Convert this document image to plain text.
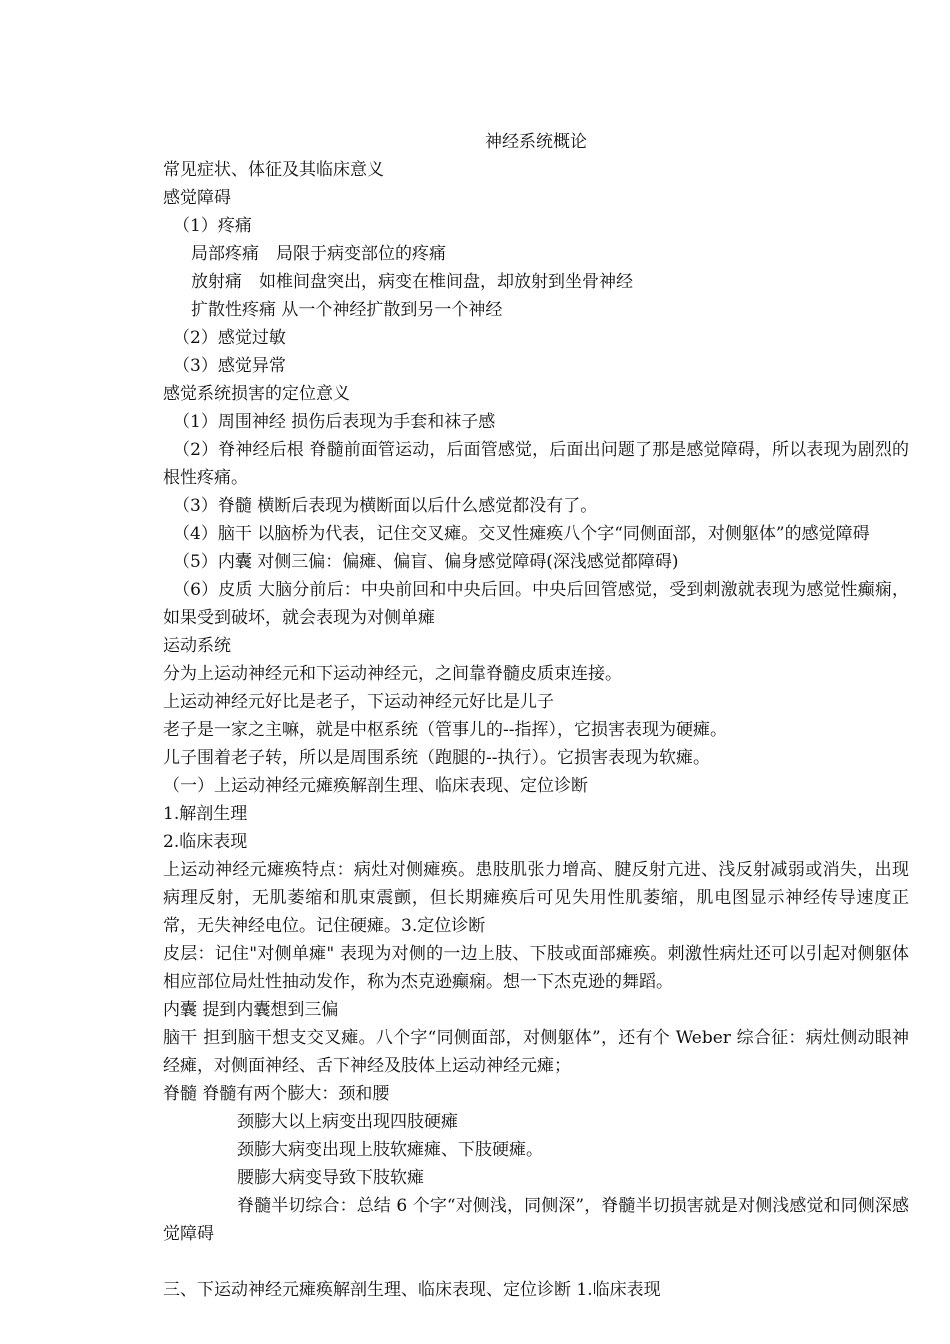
神经系统概论

常见症状、体征及其临床意义

感觉障碍

（1）疼痛

局部疼痛　局限于病变部位的疼痛

放射痛　如椎间盘突出，病变在椎间盘，却放射到坐骨神经

扩散性疼痛 从一个神经扩散到另一个神经

（2）感觉过敏

（3）感觉异常

感觉系统损害的定位意义

（1）周围神经 损伤后表现为手套和袜子感

（2）脊神经后根 脊髓前面管运动，后面管感觉，后面出问题了那是感觉障碍，所以表现为剧烈的根性疼痛。

（3）脊髓 横断后表现为横断面以后什么感觉都没有了。

（4）脑干 以脑桥为代表，记住交叉瘫。交叉性瘫痪八个字“同侧面部，对侧躯体”的感觉障碍

（5）内囊 对侧三偏：偏瘫、偏盲、偏身感觉障碍(深浅感觉都障碍)

（6）皮质 大脑分前后：中央前回和中央后回。中央后回管感觉，受到刺激就表现为感觉性癫痫，如果受到破坏，就会表现为对侧单瘫

运动系统

分为上运动神经元和下运动神经元，之间靠脊髓皮质束连接。

上运动神经元好比是老子，下运动神经元好比是儿子

老子是一家之主嘛，就是中枢系统（管事儿的--指挥），它损害表现为硬瘫。

儿子围着老子转，所以是周围系统（跑腿的--执行）。它损害表现为软瘫。

（一）上运动神经元瘫痪解剖生理、临床表现、定位诊断

1.解剖生理

2.临床表现

上运动神经元瘫痪特点：病灶对侧瘫痪。患肢肌张力增高、腱反射亢进、浅反射减弱或消失，出现病理反射，无肌萎缩和肌束震颤，但长期瘫痪后可见失用性肌萎缩，肌电图显示神经传导速度正常，无失神经电位。记住硬瘫。3.定位诊断

皮层：记住"对侧单瘫" 表现为对侧的一边上肢、下肢或面部瘫痪。刺激性病灶还可以引起对侧躯体相应部位局灶性抽动发作，称为杰克逊癫痫。想一下杰克逊的舞蹈。

内囊 提到内囊想到三偏

脑干 担到脑干想支交叉瘫。八个字“同侧面部，对侧躯体”，还有个 Weber 综合征：病灶侧动眼神经瘫，对侧面神经、舌下神经及肢体上运动神经元瘫；

脊髓 脊髓有两个膨大：颈和腰

颈膨大以上病变出现四肢硬瘫

颈膨大病变出现上肢软瘫瘫、下肢硬瘫。

腰膨大病变导致下肢软瘫

脊髓半切综合：总结 6 个字“对侧浅，同侧深”，脊髓半切损害就是对侧浅感觉和同侧深感觉障碍

三、下运动神经元瘫痪解剖生理、临床表现、定位诊断 1.临床表现
